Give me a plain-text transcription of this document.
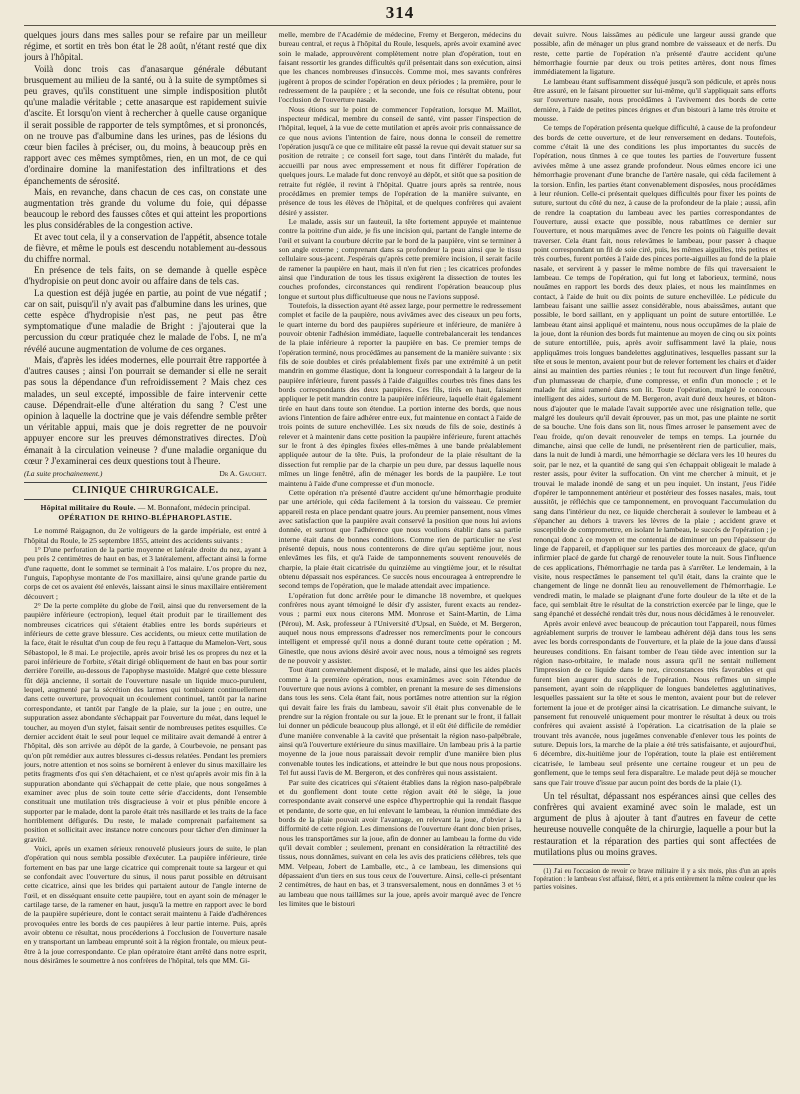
314

quelques jours dans mes salles pour se refaire par un meilleur régime, et sortit en très bon état le 28 août, n'étant resté que dix jours à l'hôpital.

Voilà donc trois cas d'anasarque générale débutant brusquement au milieu de la santé, ou à la suite de symptômes si peu graves, qu'ils constituent une simple indisposition plutôt qu'une maladie véritable ; cette anasarque est rapidement suivie d'ascite. Et lorsqu'on vient à rechercher à quelle cause organique il serait possible de rapporter de tels symptômes, et si prononcés, on ne trouve pas d'albumine dans les urines, pas de lésions du cœur bien faciles à préciser, ou, du moins, à beaucoup près en rapport avec ces mêmes symptômes, rien, en un mot, de ce qui d'ordinaire domine la manifestation des infiltrations et des épanchements de sérosité.

Mais, en revanche, dans chacun de ces cas, on constate une augmentation très grande du volume du foie, qui dépasse beaucoup le rebord des fausses côtes et qui atteint les proportions les plus considérables de la congestion active.

Et avec tout cela, il y a conservation de l'appétit, absence totale de fièvre, et même le pouls est descendu notablement au-dessous du chiffre normal.

En présence de tels faits, on se demande à quelle espèce d'hydropisie on peut donc avoir ou affaire dans de tels cas.

La question est déjà jugée en partie, au point de vue négatif ; car on sait, puisqu'il n'y avait pas d'albumine dans les urines, que cette espèce d'hydropisie n'est pas, ne peut pas être symptomatique d'une maladie de Bright : j'ajouterai que la percussion du cœur pratiquée chez le malade de l'obs. I, ne m'a révélé aucune augmentation de volume de ces organes.

Mais, d'après les idées modernes, elle pourrait être rapportée à d'autres causes ; ainsi l'on pourrait se demander si elle ne serait pas sous la dépendance d'un refroidissement ? Mais chez ces malades, un seul excepté, impossible de faire intervenir cette cause. Dépendrait-elle d'une altération du sang ? C'est une opinion à laquelle la doctrine que je vais défendre semble prêter un véritable appui, mais que je dois regretter de ne pouvoir appuyer encore sur les preuves démonstratives directes. D'où émanait à la circulation veineuse ? d'une maladie organique du cœur ? J'examinerai ces deux questions tout à l'heure.

(La suite prochainement.)	Dr A. Gauchet.
CLINIQUE CHIRURGICALE.
Hôpital militaire du Roule. — M. Bonnafont, médecin principal.
OPÉRATION DE RHINO-BLÉPHAROPLASTIE.

Le nommé Raigagnon, du 2e voltigeurs de la garde impériale, est entré à l'hôpital du Roule, le 25 septembre 1855, atteint des accidents suivants :

1° D'une perforation de la partie moyenne et latérale droite du nez, ayant à peu près 2 centimètres de haut en bas, et 3 latéralement, affectant ainsi la forme d'une raquette, dont le sommet se terminait à l'os malaire. L'os propre du nez, l'unguis, l'apophyse montante de l'os maxillaire, ainsi qu'une grande partie du corps de cet os avaient été enlevés, laissant ainsi le sinus maxillaire entièrement découvert ;

2° De la perte complète du globe de l'œil, ainsi que du renversement de la paupière inférieure (ectropion), lequel était produit par le tiraillement des nombreuses cicatrices qui s'étaient établies entre les bords supérieurs et inférieurs de cette grave blessure. Ces accidents, ou mieux cette mutilation de la face, était le résultat d'un coup de feu reçu à l'attaque du Mamelon-Vert, sous Sébastopol, le 8 mai. Le projectile, après avoir brisé les os propres du nez et la paroi inférieure de l'orbite, s'était dirigé obliquement de haut en bas pour sortir derrière l'oreille, au-dessous de l'apophyse mastoïde. Malgré que cette blessure fût déjà ancienne, il sortait de l'ouverture nasale un liquide muco-purulent, lequel, augmenté par la sécrétion des larmes qui tombaient continuellement dans cette ouverture, provoquait un écoulement continuel, tantôt par la narine correspondante, et tantôt par l'angle de la plaie, sur la joue ; en outre, une suppuration assez abondante s'échappait par l'ouverture du méat, dans lequel le toucher, au moyen d'un stylet, faisait sentir de nombreuses petites esquilles. Ce dernier accident était le seul pour lequel ce militaire avait demandé à entrer à l'hôpital, dès son arrivée au dépôt de la garde, à Courbevoie, ne pensant pas qu'on pût remédier aux autres blessures ci-dessus relatées. Pendant les premiers jours, notre attention et nos soins se bornèrent à enlever du sinus maxillaire les petits fragments d'os qui s'en détachaient, et ce n'est qu'après avoir mis fin à la suppuration abondante qui s'échappait de cette plaie, que nous songeâmes à examiner avec plus de soin toute cette série d'accidents, dont l'ensemble constituait une mutilation très disgracieuse à voir et plus pénible encore à supporter par le malade, dont la parole était très nasillarde et les traits de la face horriblement défigurés. Du reste, le malade comprenait parfaitement sa position et sollicitait avec instance notre concours pour tâcher d'en diminuer la gravité.

Voici, après un examen sérieux renouvelé plusieurs jours de suite, le plan d'opération qui nous sembla possible d'exécuter. La paupière inférieure, tirée fortement en bas par une large cicatrice qui comprenait toute sa largeur et qui se confondait avec l'ouverture du sinus, il nous parut possible en détruisant cette cicatrice, ainsi que les brides qui partaient autour de l'angle interne de l'œil, et en disséquant ensuite cette paupière, tout en ayant soin de ménager le cartilage tarse, de la ramener en haut, jusqu'à la mettre en rapport avec le bord de la paupière supérieure, dont le contact serait maintenu à l'aide d'adhérences provoquées entre les bords de ces paupières à leur partie interne. Puis, après avoir obtenu ce résultat, nous procéderions à l'occlusion de l'ouverture nasale en y transportant un lambeau emprunté soit à la région frontale, ou mieux peut-être à la joue correspondante. Ce plan opératoire étant arrêté dans notre esprit, nous désirâmes le soumettre à nos confrères de l'hôpital, tels que MM. Gi-

melle, membre de l'Académie de médecine, Fremy et Bergeron, médecins du bureau central, et reçus à l'hôpital du Roule, lesquels, après avoir examiné avec soin le malade, approuvèrent complètement notre plan d'opération, tout en faisant ressortir les grandes difficultés qu'il présentait dans son exécution, ainsi que les chances nombreuses d'insuccès. Comme moi, mes savants confrères jugèrent à propos de scinder l'opération en deux périodes ; la première, pour le redressement de la paupière ; et la seconde, une fois ce résultat obtenu, pour l'occlusion de l'ouverture nasale.

Nous étions sur le point de commencer l'opération, lorsque M. Maillot, inspecteur médical, membre du conseil de santé, vint passer l'inspection de l'hôpital, lequel, à la vue de cette mutilation et après avoir pris connaissance de ce que nous avions l'intention de faire, nous donna le conseil de remettre l'opération jusqu'à ce que ce militaire eût passé la revue qui devait statuer sur sa position de retraite ; ce conseil fort sage, tout dans l'intérêt du malade, fut accueilli par nous avec empressement et nous fit différer l'opération de quelques jours. Le malade fut donc renvoyé au dépôt, et sitôt que sa position de retraite fut réglée, il revint à l'hôpital. Quatre jours après sa rentrée, nous procédâmes en premier temps de l'opération de la manière suivante, en présence de tous les élèves de l'hôpital, et de quelques confrères qui avaient désiré y assister.

Le malade, assis sur un fauteuil, la tête fortement appuyée et maintenue contre la poitrine d'un aide, je fis une incision qui, partant de l'angle interne de l'œil et suivant la courbure décrite par le bord de la paupière, vint se terminer à son angle externe ; comprenant dans sa profondeur la peau ainsi que le tissu cellulaire sous-jacent. J'espérais qu'après cette première incision, il serait facile de ramener la paupière en haut, mais il n'en fut rien ; les cicatrices profondes ainsi que l'induration de tous les tissus exigèrent la dissection de toutes les couches profondes, circonstances qui rendirent l'opération beaucoup plus longue et surtout plus difficultueuse que nous ne l'avions supposé.

Toutefois, la dissection ayant été assez large, pour permettre le redressement complet et facile de la paupière, nous avivâmes avec des ciseaux un peu forts, le quart interne du bord des paupières supérieure et inférieure, de manière à pouvoir obtenir l'adhésion immédiate, laquelle contrebalancerait les tendances de la plaie inférieure à reporter la paupière en bas. Ce premier temps de l'opération terminé, nous procédâmes au pansement de la manière suivante : six fils de soie doubles et cirés préalablement fixés par une extrémité à un petit mandrin en gomme élastique, dont la longueur correspondait à la largeur de la paupière inférieure, furent passés à l'aide d'aiguilles courbes très fines dans les bords correspondants des deux paupières. Ces fils, tirés en haut, faisaient appliquer le petit mandrin contre la paupière inférieure, laquelle était également tirée en haut dans toute son étendue. La portion interne des bords, que nous avions l'intention de faire adhérer entre eux, fut maintenue en contact à l'aide de trois points de suture enchevillée. Les six nœuds de fils de soie, destinés à relever et à maintenir dans cette position la paupière inférieure, furent attachés sur le front à des épingles fixées elles-mêmes à une bande préalablement appliquée autour de la tête. Puis, la profondeur de la plaie résultant de la dissection fut remplie par de la charpie un peu dure, par dessus laquelle nous mîmes un linge fenêtré, afin de ménager les bords de la paupière. Le tout maintenu à l'aide d'une compresse et d'un monocle.

Cette opération n'a présenté d'autre accident qu'une hémorrhagie produite par une artériole, qui céda facilement à la torsion du vaisseau. Ce premier appareil resta en place pendant quatre jours. Au premier pansement, nous vîmes avec satisfaction que la paupière avait conservé la position que nous lui avions donnée, et surtout que l'adhérence que nous voulions établir dans sa partie interne était dans de bonnes conditions. Comme rien de particulier ne s'est présenté depuis, nous nous contenterons de dire qu'au septième jour, nous enlevâmes les fils, et qu'à l'aide de tamponnements souvent renouvelés de charpie, la plaie était cicatrisée du quinzième au vingtième jour, et le résultat obtenu dépassait nos espérances. Ce succès nous encouragea à entreprendre le second temps de l'opération, que le malade attendait avec impatience.

L'opération fut donc arrêtée pour le dimanche 18 novembre, et quelques confrères nous ayant témoigné le désir d'y assister, furent exacts au rendez-vous ; parmi eux nous citerons MM. Monrose et Saint-Martin, de Lima (Pérou), M. Ask, professeur à l'Université d'Upsal, en Suède, et M. Bergeron, auquel nous nous empressons d'adresser nos remercîments pour le concours intelligent et empressé qu'il nous a donné durant toute cette opération ; M. Ginestle, que nous avions désiré avoir avec nous, nous a témoigné ses regrets de ne pouvoir y assister.

Tout étant convenablement disposé, et le malade, ainsi que les aides placés comme à la première opération, nous examinâmes avec soin l'étendue de l'ouverture que nous avions à combler, en prenant la mesure de ses dimensions dans tous les sens. Cela étant fait, nous portâmes notre attention sur la région qui devait faire les frais du lambeau, savoir s'il était plus convenable de le prendre sur la région frontale ou sur la joue. Et le prenant sur le front, il fallait lui donner un pédicule beaucoup plus allongé, et il eût été difficile de remédier d'une manière convenable à la cavité que présentait la région naso-palpébrale, ainsi qu'à l'ouverture extérieure du sinus maxillaire. Un lambeau pris à la partie moyenne de la joue nous paraissait devoir remplir d'une manière bien plus convenable toutes les indications, et atteindre le but que nous nous proposions. Tel fut aussi l'avis de M. Bergeron, et des confrères qui nous assistaient.

Par suite des cicatrices qui s'étaient établies dans la région naso-palpébrale et du gonflement dont toute cette région avait été le siège, la joue correspondante avait conservé une espèce d'hypertrophie qui la rendait flasque et pendante, de sorte que, en lui enlevant le lambeau, la réunion immédiate des bords de la plaie pouvait avoir l'avantage, en relevant la joue, d'obvier à la difformité de cette région. Les dimensions de l'ouverture étant donc bien prises, nous les transportâmes sur la joue, afin de donner au lambeau la forme du vide qu'il devait combler ; seulement, prenant en considération la rétractilité des tissus, nous donnâmes, suivant en cela les avis des praticiens célèbres, tels que MM. Velpeau, Jobert de Lamballe, etc., à ce lambeau, les dimensions qui dépassaient d'un tiers en sus tous ceux de l'ouverture. Ainsi, celle-ci présentant 2 centimètres, de haut en bas, et 3 transversalement, nous en donnâmes 3 et ½ au lambeau que nous taillâmes sur la joue, après avoir marqué avec de l'encre les limites que le bistouri

devait suivre. Nous laissâmes au pédicule une largeur aussi grande que possible, afin de ménager un plus grand nombre de vaisseaux et de nerfs. Du reste, cette partie de l'opération n'a présenté d'autre accident qu'une hémorrhagie fournie par deux ou trois petites artères, dont nous fîmes immédiatement la ligature.

Le lambeau étant suffisamment disséqué jusqu'à son pédicule, et après nous être assuré, en le faisant pirouetter sur lui-même, qu'il s'appliquait sans efforts sur l'ouverture nasale, nous procédâmes à l'avivement des bords de cette dernière, à l'aide de petites pinces érignes et d'un bistouri à lame très étroite et mousse.

Ce temps de l'opération présenta quelque difficulté, à cause de la profondeur des bords de cette ouverture, et de leur renversement en dedans. Toutefois, comme c'était là une des conditions les plus importantes du succès de l'opération, nous tînmes à ce que toutes les parties de l'ouverture fussent avivées même à une assez grande profondeur. Nous eûmes encore ici une hémorrhagie provenant d'une branche de l'artère nasale, qui céda facilement à la torsion. Enfin, les parties étant convenablement disposées, nous procédâmes à leur réunion. Celle-ci présentait quelques difficultés pour fixer les points de suture, surtout du côté du nez, à cause de la profondeur de la plaie ; aussi, afin de rendre la coaptation du lambeau avec les parties correspondantes de l'ouverture, aussi exacte que possible, nous rabattîmes ce dernier sur l'ouverture, et nous marquâmes avec de l'encre les points où l'aiguille devait traverser. Cela étant fait, nous relevâmes le lambeau, pour passer à chaque point correspondant un fil de soie ciré, puis, les mêmes aiguilles, très petites et très courbes, furent portées à l'aide des pinces porte-aiguilles au fond de la plaie nasale, et servirent à y passer le même nombre de fils qui traversaient le lambeau. Ce temps de l'opération, qui fut long et laborieux, terminé, nous nouâmes en rapport les bords des deux plaies, et nous les maintînmes en contact, à l'aide de huit ou dix points de suture enchevillée. Le pédicule du lambeau faisant une saillie assez considérable, nous abaissâmes, autant que possible, le bord saillant, en y appliquant un point de suture entortillée. Le lambeau étant ainsi appliqué et maintenu, nous nous occupâmes de la plaie de la joue, dont la réunion des bords fut maintenue au moyen de cinq ou six points de suture entortillée, puis, après avoir suffisamment lavé la plaie, nous appliquâmes trois longues bandelettes agglutinatives, lesquelles passant sur la tête et sous le menton, avaient pour but de relever fortement les chairs et d'aider ainsi au maintien des parties réunies ; le tout fut recouvert d'un linge fenêtré, d'un plumasseau de charpie, d'une compresse, et enfin d'un monocle ; et le malade fut ainsi ramené dans son lit. Toute l'opération, malgré le concours intelligent des aides, surtout de M. Bergeron, avait duré deux heures, et bâton-nous d'ajouter que le malade l'avait supportée avec une résignation telle, que malgré les douleurs qu'il devait éprouver, pas un mot, pas une plainte ne sortit de sa bouche. Une fois dans son lit, nous fîmes arroser le pansement avec de l'eau froide, qu'on devait renouveler de temps en temps. La journée du dimanche, ainsi que celle de lundi, ne présentèrent rien de particulier, mais, dans la nuit de lundi à mardi, une hémorrhagie se déclara vers les 10 heures du soir, par le nez, et la quantité de sang qui s'en échappait obligeait le malade à rester assis, pour éviter la suffocation. On vint me chercher à minuit, et je trouvai le malade inondé de sang et un peu inquiet. Un instant, j'eus l'idée d'opérer le tamponnement antérieur et postérieur des fosses nasales, mais, tout aussitôt, je réfléchis que ce tamponnement, en provoquant l'accumulation du sang dans l'intérieur du nez, ce liquide chercherait à soulever le lambeau et à s'épancher au dehors à travers les lèvres de la plaie ; accident grave et susceptible de compromettre, en isolant le lambeau, le succès de l'opération ; je renonçai donc à ce moyen et me contentai de diminuer un peu l'épaisseur du linge de l'appareil, et d'appliquer sur les parties des morceaux de glace, qu'un infirmier placé de garde fut chargé de renouveler toute la nuit. Sous l'influence de ces applications, l'hémorrhagie ne tarda pas à s'arrêter. Le lendemain, à la visite, nous respectâmes le pansement tel qu'il était, dans la crainte que le changement de linge ne donnât lieu au renouvellement de l'hémorrhagie. Le vendredi matin, le malade se plaignant d'une forte douleur de la tête et de la face, qui semblait être le résultat de la constriction exercée par le linge, que le sang épanché et desséché rendait très dur, nous nous décidâmes à le renouveler.

Après avoir enlevé avec beaucoup de précaution tout l'appareil, nous fûmes agréablement surpris de trouver le lambeau adhérent déjà dans tous les sens avec les bords correspondants de l'ouverture, et la plaie de la joue dans d'aussi heureuses conditions. En faisant tomber de l'eau tiède avec intention sur la région naso-orbitaire, le malade nous assura qu'il ne sentait nullement l'impression de ce liquide dans le nez, circonstances très favorables et qui furent bien augurer du succès de l'opération. Nous refîmes un simple pansement, ayant soin de réappliquer de longues bandelettes agglutinatives, lesquelles passaient sur la tête et sous le menton, avaient pour but de relever fortement la joue et de protéger ainsi la cicatrisation. Le dimanche suivant, le pansement fut renouvelé uniquement pour montrer le résultat à deux ou trois confrères qui avaient assisté à l'opération. La cicatrisation de la plaie se trouvant très avancée, nous jugeâmes convenable d'enlever tous les points de suture. Depuis lors, la marche de la plaie a été très satisfaisante, et aujourd'hui, 6 décembre, dix-huitième jour de l'opération, toute la plaie est entièrement cicatrisée, le lambeau seul présente une certaine rougeur et un peu de gonflement, que le temps seul fera disparaître. Le malade peut déjà se moucher sans que l'air trouve d'issue par aucun point des bords de la plaie (1).

Un tel résultat, dépassant nos espérances ainsi que celles des confrères qui avaient examiné avec soin le malade, est un argument de plus à ajouter à tant d'autres en faveur de cette heureuse nouvelle conquête de la chirurgie, laquelle a pour but la restauration et la réparation des parties qui sont affectées de mutilations plus ou moins graves.

(1) J'ai eu l'occasion de revoir ce brave militaire il y a six mois, plus d'un an après l'opération : le lambeau s'est affaissé, flétri, et a pris entièrement la même couleur que les parties voisines.
